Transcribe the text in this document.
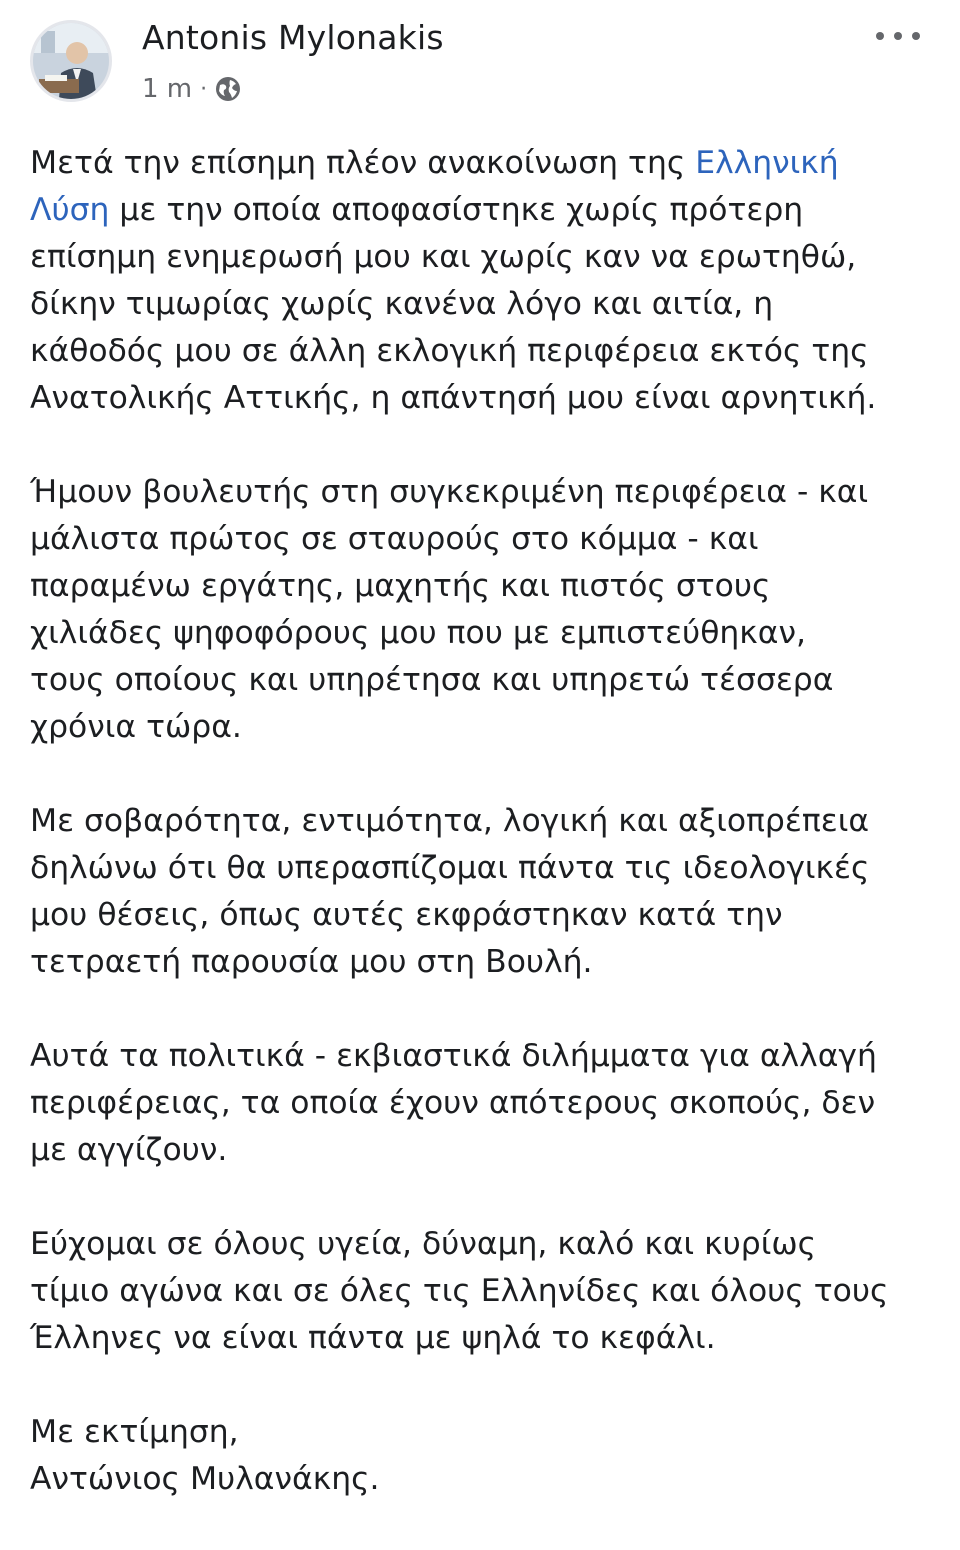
Antonis Mylonakis
1 m ·

Μετά την επίσημη πλέον ανακοίνωση της Ελληνική
Λύση με την οποία αποφασίστηκε χωρίς πρότερη
επίσημη ενημερωσή μου και χωρίς καν να ερωτηθώ,
δίκην τιμωρίας χωρίς κανένα λόγο και αιτία, η
κάθοδός μου σε άλλη εκλογική περιφέρεια εκτός της
Ανατολικής Αττικής, η απάντησή μου είναι αρνητική.

Ήμουν βουλευτής στη συγκεκριμένη περιφέρεια - και
μάλιστα πρώτος σε σταυρούς στο κόμμα - και
παραμένω εργάτης, μαχητής και πιστός στους
χιλιάδες ψηφοφόρους μου που με εμπιστεύθηκαν,
τους οποίους και υπηρέτησα και υπηρετώ τέσσερα
χρόνια τώρα.

Με σοβαρότητα, εντιμότητα, λογική και αξιοπρέπεια
δηλώνω ότι θα υπερασπίζομαι πάντα τις ιδεολογικές
μου θέσεις, όπως αυτές εκφράστηκαν κατά την
τετραετή παρουσία μου στη Βουλή.

Αυτά τα πολιτικά - εκβιαστικά διλήμματα για αλλαγή
περιφέρειας, τα οποία έχουν απότερους σκοπούς, δεν
με αγγίζουν.

Εύχομαι σε όλους υγεία, δύναμη, καλό και κυρίως
τίμιο αγώνα και σε όλες τις Ελληνίδες και όλους τους
Έλληνες να είναι πάντα με ψηλά το κεφάλι.

Με εκτίμηση,
Αντώνιος Μυλανάκης.
